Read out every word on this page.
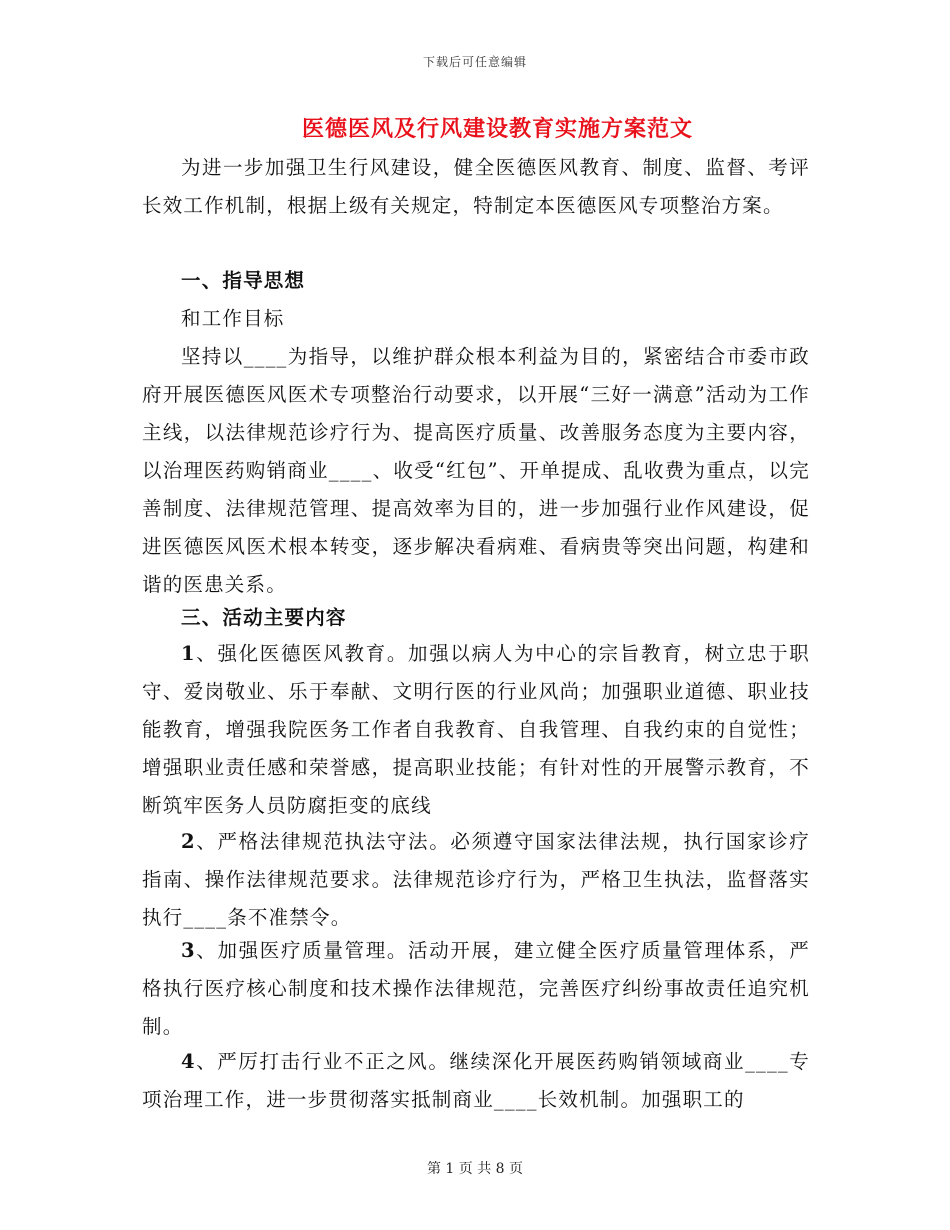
下载后可任意编辑
医德医风及行风建设教育实施方案范文

为进一步加强卫生行风建设，健全医德医风教育、制度、监督、考评长效工作机制，根据上级有关规定，特制定本医德医风专项整治方案。

一、指导思想

和工作目标

坚持以____为指导，以维护群众根本利益为目的，紧密结合市委市政府开展医德医风医术专项整治行动要求，以开展“三好一满意”活动为工作主线，以法律规范诊疗行为、提高医疗质量、改善服务态度为主要内容，以治理医药购销商业____、收受“红包”、开单提成、乱收费为重点，以完善制度、法律规范管理、提高效率为目的，进一步加强行业作风建设，促进医德医风医术根本转变，逐步解决看病难、看病贵等突出问题，构建和谐的医患关系。

三、活动主要内容

1、强化医德医风教育。加强以病人为中心的宗旨教育，树立忠于职守、爱岗敬业、乐于奉献、文明行医的行业风尚；加强职业道德、职业技能教育，增强我院医务工作者自我教育、自我管理、自我约束的自觉性；增强职业责任感和荣誉感，提高职业技能；有针对性的开展警示教育，不断筑牢医务人员防腐拒变的底线

2、严格法律规范执法守法。必须遵守国家法律法规，执行国家诊疗指南、操作法律规范要求。法律规范诊疗行为，严格卫生执法，监督落实执行____条不准禁令。

3、加强医疗质量管理。活动开展，建立健全医疗质量管理体系，严格执行医疗核心制度和技术操作法律规范，完善医疗纠纷事故责任追究机制。

4、严厉打击行业不正之风。继续深化开展医药购销领域商业____专项治理工作，进一步贯彻落实抵制商业____长效机制。加强职工的

第 1 页 共 8 页
